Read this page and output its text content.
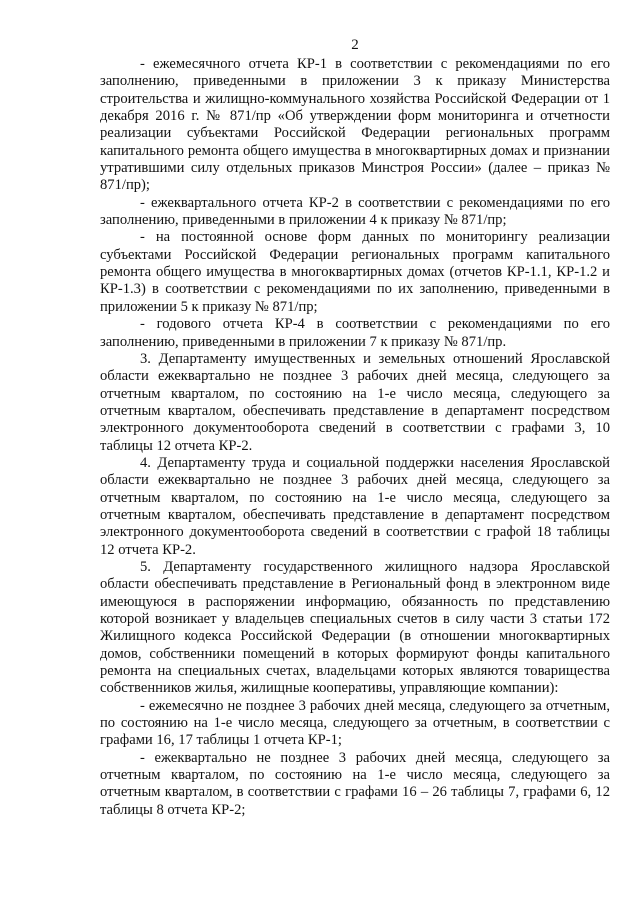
2

- ежемесячного отчета КР-1 в соответствии с рекомендациями по его заполнению, приведенными в приложении 3 к приказу Министерства строительства и жилищно-коммунального хозяйства Российской Федерации от 1 декабря 2016 г. № 871/пр «Об утверждении форм мониторинга и отчетности реализации субъектами Российской Федерации региональных программ капитального ремонта общего имущества в многоквартирных домах и признании утратившими силу отдельных приказов Минстроя России» (далее – приказ № 871/пр);

- ежеквартального отчета КР-2 в соответствии с рекомендациями по его заполнению, приведенными в приложении 4 к приказу № 871/пр;

- на постоянной основе форм данных по мониторингу реализации субъектами Российской Федерации региональных программ капитального ремонта общего имущества в многоквартирных домах (отчетов КР-1.1, КР-1.2 и КР-1.3) в соответствии с рекомендациями по их заполнению, приведенными в приложении 5 к приказу № 871/пр;

- годового отчета КР-4 в соответствии с рекомендациями по его заполнению, приведенными в приложении 7 к приказу № 871/пр.

3. Департаменту имущественных и земельных отношений Ярославской области ежеквартально не позднее 3 рабочих дней месяца, следующего за отчетным кварталом, по состоянию на 1-е число месяца, следующего за отчетным кварталом, обеспечивать представление в департамент посредством электронного документооборота сведений в соответствии с графами 3, 10 таблицы 12 отчета КР-2.

4. Департаменту труда и социальной поддержки населения Ярославской области ежеквартально не позднее 3 рабочих дней месяца, следующего за отчетным кварталом, по состоянию на 1-е число месяца, следующего за отчетным кварталом, обеспечивать представление в департамент посредством электронного документооборота сведений в соответствии с графой 18 таблицы 12 отчета КР-2.

5. Департаменту государственного жилищного надзора Ярославской области обеспечивать представление в Региональный фонд в электронном виде имеющуюся в распоряжении информацию, обязанность по представлению которой возникает у владельцев специальных счетов в силу части 3 статьи 172 Жилищного кодекса Российской Федерации (в отношении многоквартирных домов, собственники помещений в которых формируют фонды капитального ремонта на специальных счетах, владельцами которых являются товарищества собственников жилья, жилищные кооперативы, управляющие компании):

- ежемесячно не позднее 3 рабочих дней месяца, следующего за отчетным, по состоянию на 1-е число месяца, следующего за отчетным, в соответствии с графами 16, 17 таблицы 1 отчета КР-1;

- ежеквартально не позднее 3 рабочих дней месяца, следующего за отчетным кварталом, по состоянию на 1-е число месяца, следующего за отчетным кварталом, в соответствии с графами 16 – 26 таблицы 7, графами 6, 12 таблицы 8 отчета КР-2;
